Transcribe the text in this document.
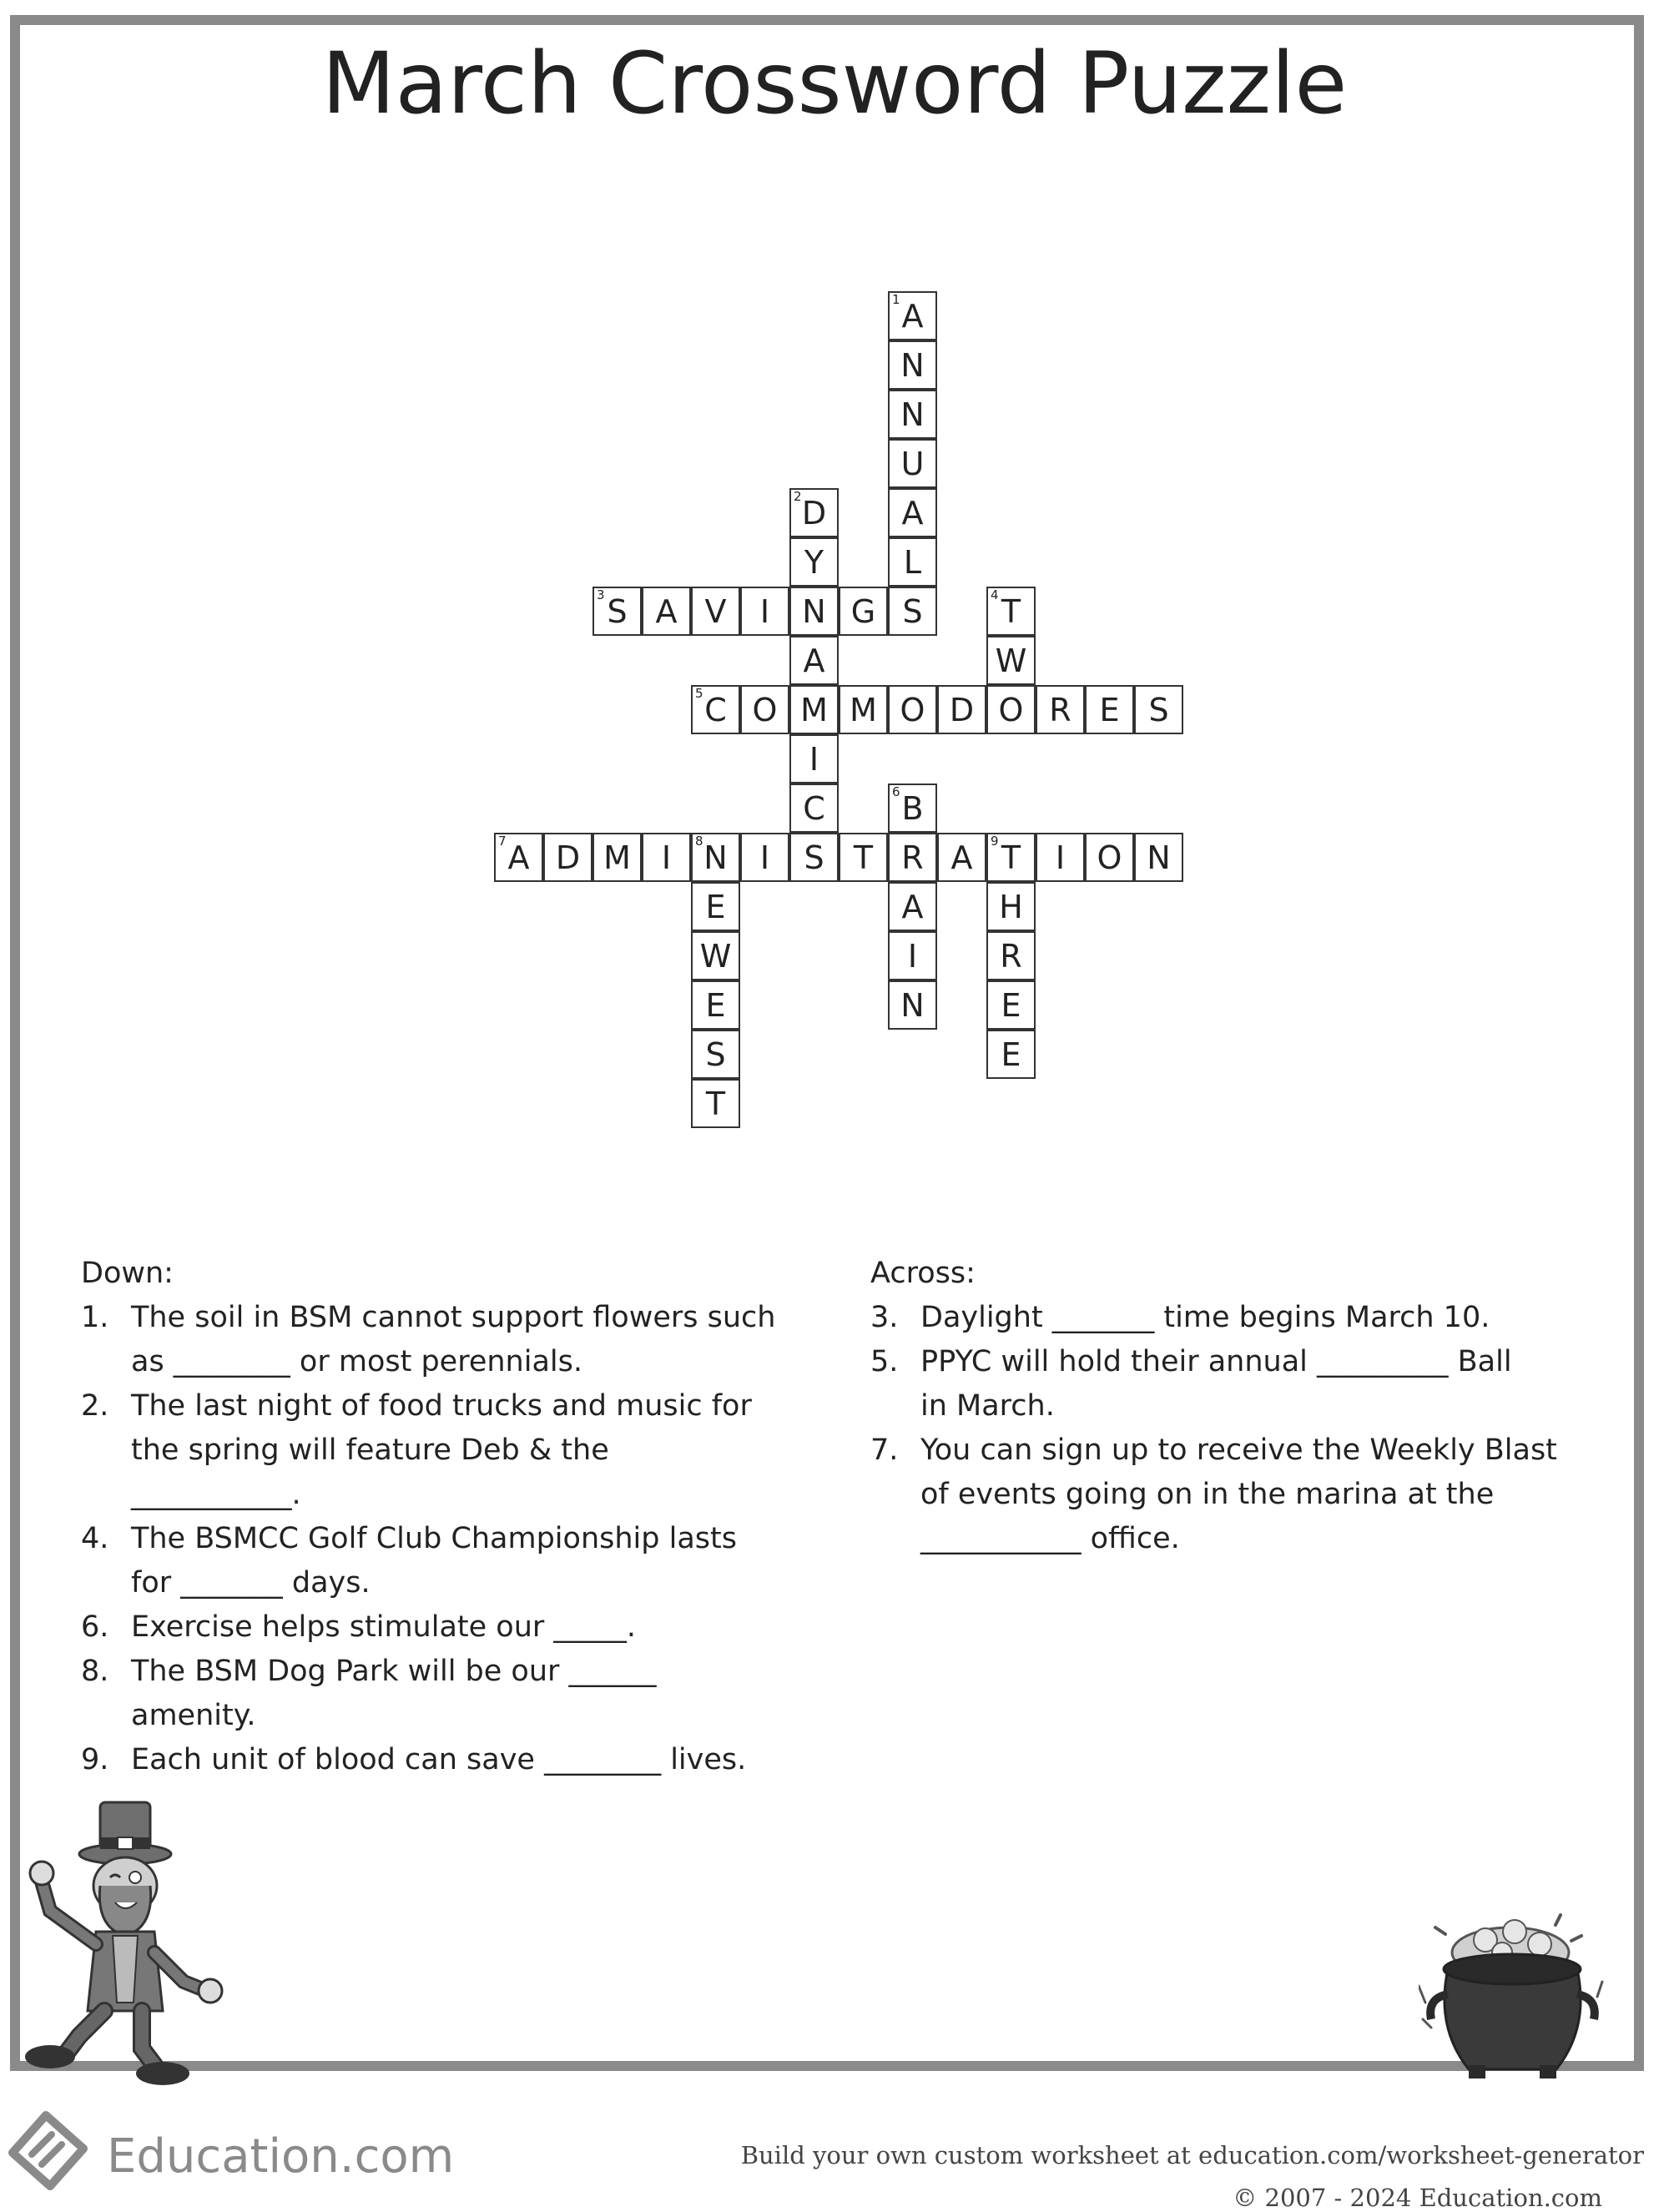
March Crossword Puzzle
1 A
N
N
U
2 D	A
Y	L
3 S A V	I	N G S	4 T
A	W
5 C O M M O D O R E S
I
C	6 B
7 A D M I	8 N	I	S T R A	9 T	I	O N
E	A	H
W	I	R
E	N	E
S	E
T
Down:
1. The soil in BSM cannot support flowers such
as ________ or most perennials.
2. The last night of food trucks and music for
the spring will feature Deb & the
___________.
4. The BSMCC Golf Club Championship lasts
for _______ days.
6. Exercise helps stimulate our _____.
8. The BSM Dog Park will be our ______
amenity.
9. Each unit of blood can save ________ lives.
Across:
3. Daylight _______ time begins March 10.
5. PPYC will hold their annual _________ Ball
in March.
7. You can sign up to receive the Weekly Blast
of events going on in the marina at the
___________ office.
Education.com	Build your own custom worksheet at education.com/worksheet-generator
© 2007 - 2024 Education.com
